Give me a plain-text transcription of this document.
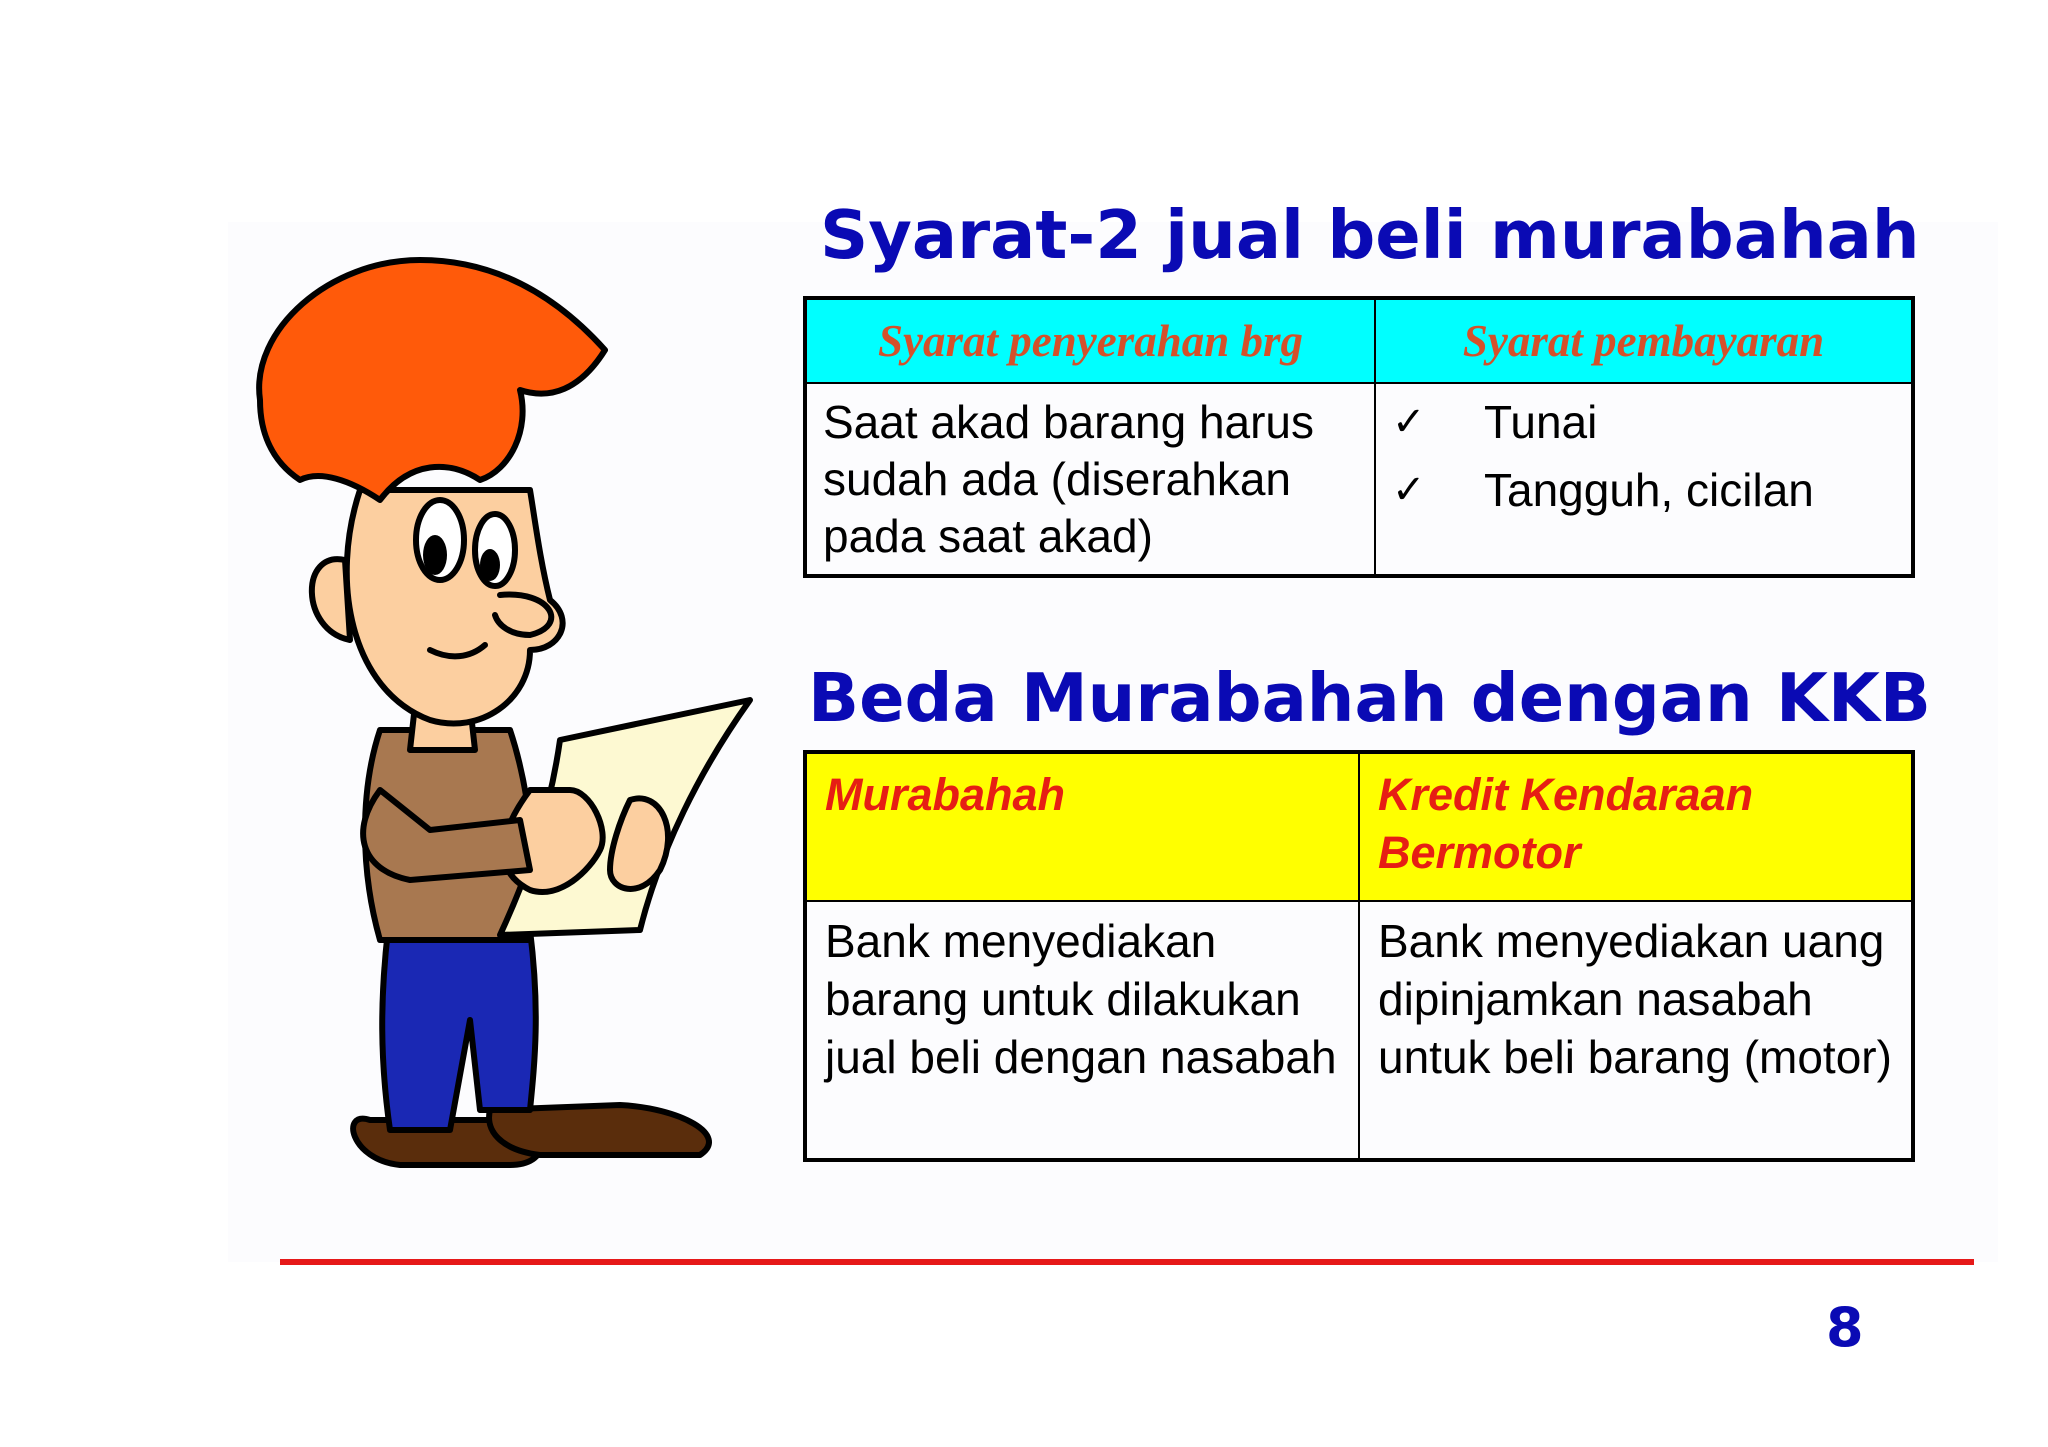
Syarat-2 jual beli murabahah
Syarat penyerahan brg	Syarat pembayaran
Saat akad barang harus sudah ada (diserahkan pada saat akad)	✓ Tunai
✓ Tangguh, cicilan
Beda Murabahah dengan KKB
Murabahah	Kredit Kendaraan Bermotor
Bank menyediakan barang untuk dilakukan jual beli dengan nasabah	Bank menyediakan uang dipinjamkan nasabah untuk beli barang (motor)
8
